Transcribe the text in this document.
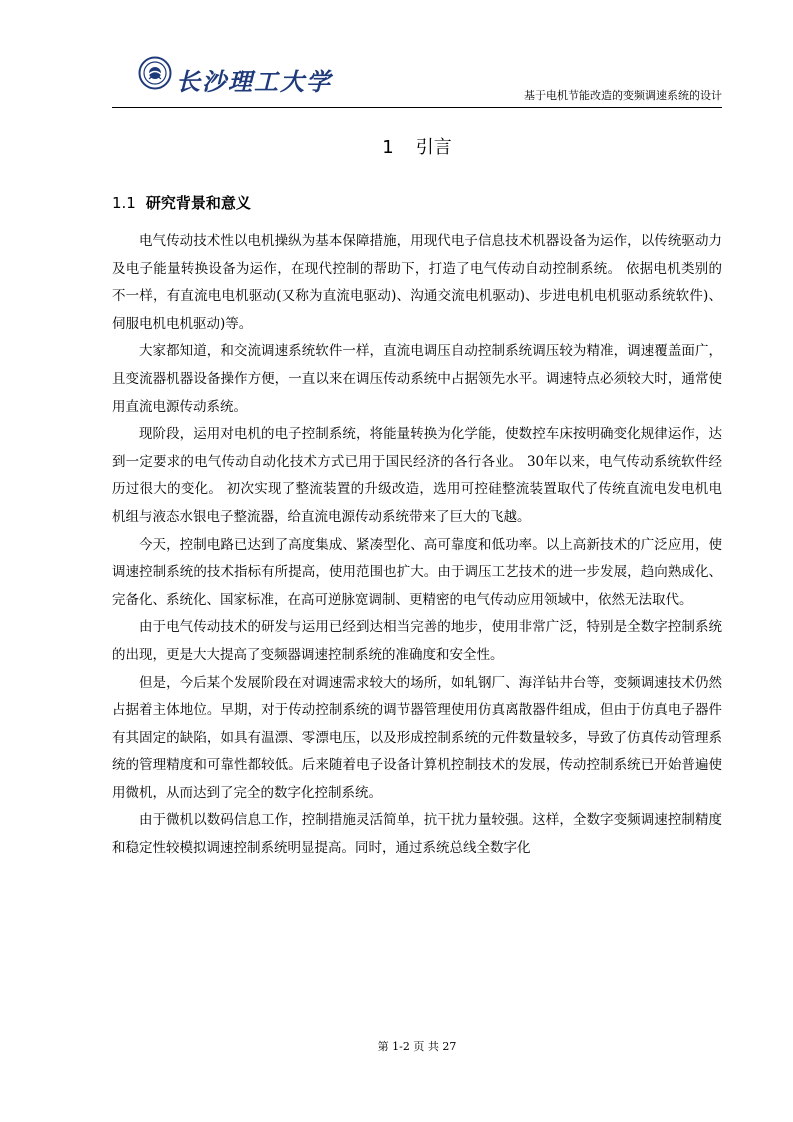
长沙理工大学	基于电机节能改造的变频调速系统的设计
1 引言
1.1 研究背景和意义

电气传动技术性以电机操纵为基本保障措施，用现代电子信息技术机器设备为运作，以传统驱动力及电子能量转换设备为运作，在现代控制的帮助下，打造了电气传动自动控制系统。 依据电机类别的不一样，有直流电电机驱动(又称为直流电驱动)、沟通交流电机驱动)、步进电机电机驱动系统软件)、伺服电机电机驱动)等。

大家都知道，和交流调速系统软件一样，直流电调压自动控制系统调压较为精准，调速覆盖面广，且变流器机器设备操作方便，一直以来在调压传动系统中占据领先水平。调速特点必须较大时，通常使用直流电源传动系统。

现阶段，运用对电机的电子控制系统，将能量转换为化学能，使数控车床按明确变化规律运作，达到一定要求的电气传动自动化技术方式已用于国民经济的各行各业。 30年以来，电气传动系统软件经历过很大的变化。 初次实现了整流装置的升级改造，选用可控硅整流装置取代了传统直流电发电机电机组与液态水银电子整流器，给直流电源传动系统带来了巨大的飞越。

今天，控制电路已达到了高度集成、紧凑型化、高可靠度和低功率。以上高新技术的广泛应用，使调速控制系统的技术指标有所提高，使用范围也扩大。由于调压工艺技术的进一步发展，趋向熟成化、完备化、系统化、国家标准，在高可逆脉宽调制、更精密的电气传动应用领域中，依然无法取代。

由于电气传动技术的研发与运用已经到达相当完善的地步，使用非常广泛，特别是全数字控制系统的出现，更是大大提高了变频器调速控制系统的准确度和安全性。

但是，今后某个发展阶段在对调速需求较大的场所，如轧钢厂、海洋钻井台等，变频调速技术仍然占据着主体地位。早期，对于传动控制系统的调节器管理使用仿真离散器件组成，但由于仿真电子器件有其固定的缺陷，如具有温漂、零漂电压，以及形成控制系统的元件数量较多，导致了仿真传动管理系统的管理精度和可靠性都较低。后来随着电子设备计算机控制技术的发展，传动控制系统已开始普遍使用微机，从而达到了完全的数字化控制系统。

由于微机以数码信息工作，控制措施灵活简单，抗干扰力量较强。这样，全数字变频调速控制精度和稳定性较模拟调速控制系统明显提高。同时，通过系统总线全数字化

第 1-2 页 共 27
